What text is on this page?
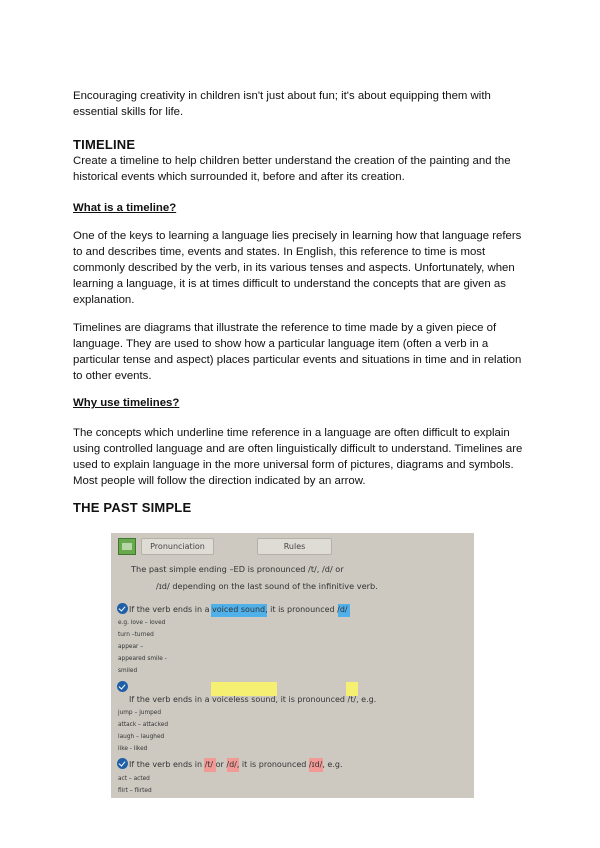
Encouraging creativity in children isn't just about fun; it's about equipping them with essential skills for life.

TIMELINE

Create a timeline to help children better understand the creation of the painting and the historical events which surrounded it, before and after its creation.

What is a timeline?

One of the keys to learning a language lies precisely in learning how that language refers to and describes time, events and states. In English, this reference to time is most commonly described by the verb, in its various tenses and aspects. Unfortunately, when learning a language, it is at times difficult to understand the concepts that are given as explanation.

Timelines are diagrams that illustrate the reference to time made by a given piece of language. They are used to show how a particular language item (often a verb in a particular tense and aspect) places particular events and situations in time and in relation to other events.

Why use timelines?

The concepts which underline time reference in a language are often difficult to explain using controlled language and are often linguistically difficult to understand. Timelines are used to explain language in the more universal form of pictures, diagrams and symbols. Most people will follow the direction indicated by an arrow.

THE PAST SIMPLE
Pronunciation	Rules
The past simple ending –ED is pronounced /t/, /d/ or
/ɪd/ depending on the last sound of the infinitive verb.
If the verb ends in a voiced sound, it is pronounced /d/
e.g. love – loved
turn –turned
appear –
appeared smile -
smiled
If the verb ends in a voiceless sound, it is pronounced /t/, e.g.
jump – jumped
attack – attacked
laugh – laughed
like - liked
If the verb ends in /t/ or /d/, it is pronounced /ɪd/, e.g.
act – acted
flirt – flirted
